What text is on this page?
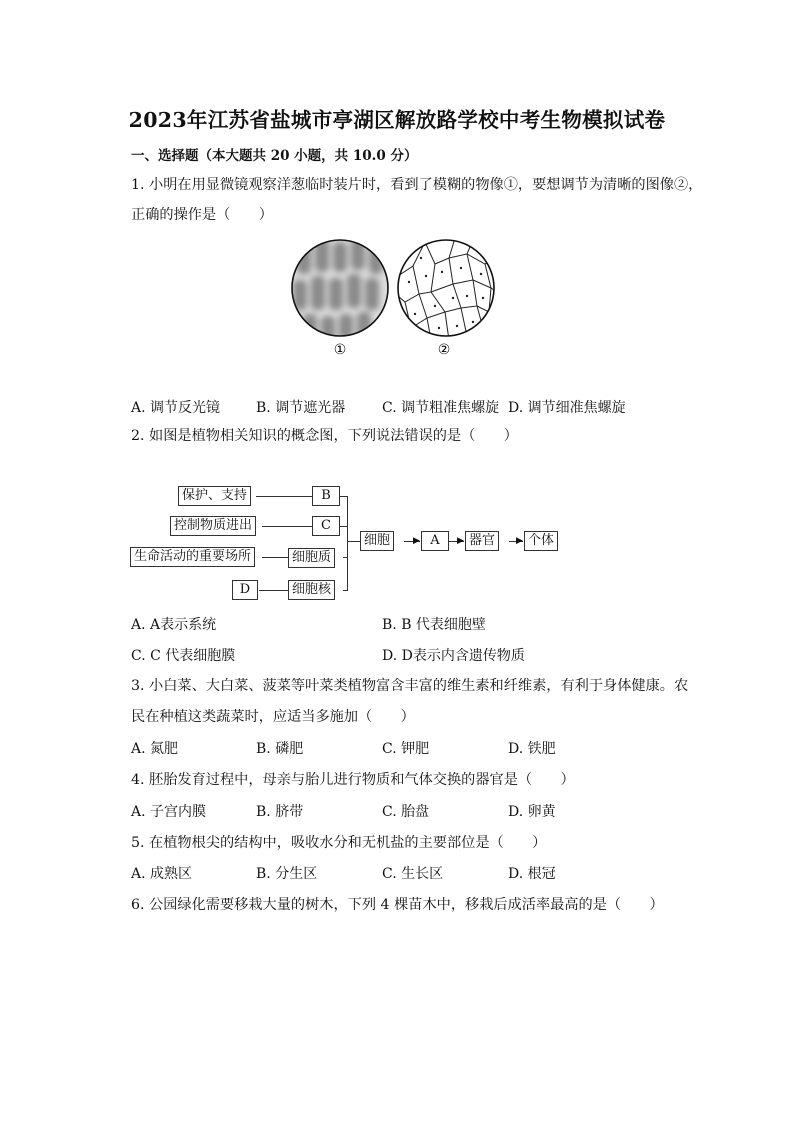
2023年江苏省盐城市亭湖区解放路学校中考生物模拟试卷
一、选择题（本大题共 20 小题，共 10.0 分）
1. 小明在用显微镜观察洋葱临时装片时，看到了模糊的物像①，要想调节为清晰的图像②，
正确的操作是（　　）
①	②
A. 调节反光镜	B. 调节遮光器	C. 调节粗准焦螺旋 D. 调节细准焦螺旋
2. 如图是植物相关知识的概念图，下列说法错误的是（　　）
保护、支持
控制物质进出
生命活动的重要场所
D
B
C
细胞质
细胞核
细胞	▶ A	▶ 器官	▶ 个体
A. A表示系统	B. B 代表细胞壁
C. C 代表细胞膜	D. D表示内含遗传物质
3. 小白菜、大白菜、菠菜等叶菜类植物富含丰富的维生素和纤维素，有利于身体健康。农
民在种植这类蔬菜时，应适当多施加（　　）
A. 氮肥	B. 磷肥	C. 钾肥	D. 铁肥
4. 胚胎发育过程中，母亲与胎儿进行物质和气体交换的器官是（　　）
A. 子宫内膜	B. 脐带	C. 胎盘	D. 卵黄
5. 在植物根尖的结构中，吸收水分和无机盐的主要部位是（　　）
A. 成熟区	B. 分生区	C. 生长区	D. 根冠
6. 公园绿化需要移栽大量的树木，下列 4 棵苗木中，移栽后成活率最高的是（　　）
